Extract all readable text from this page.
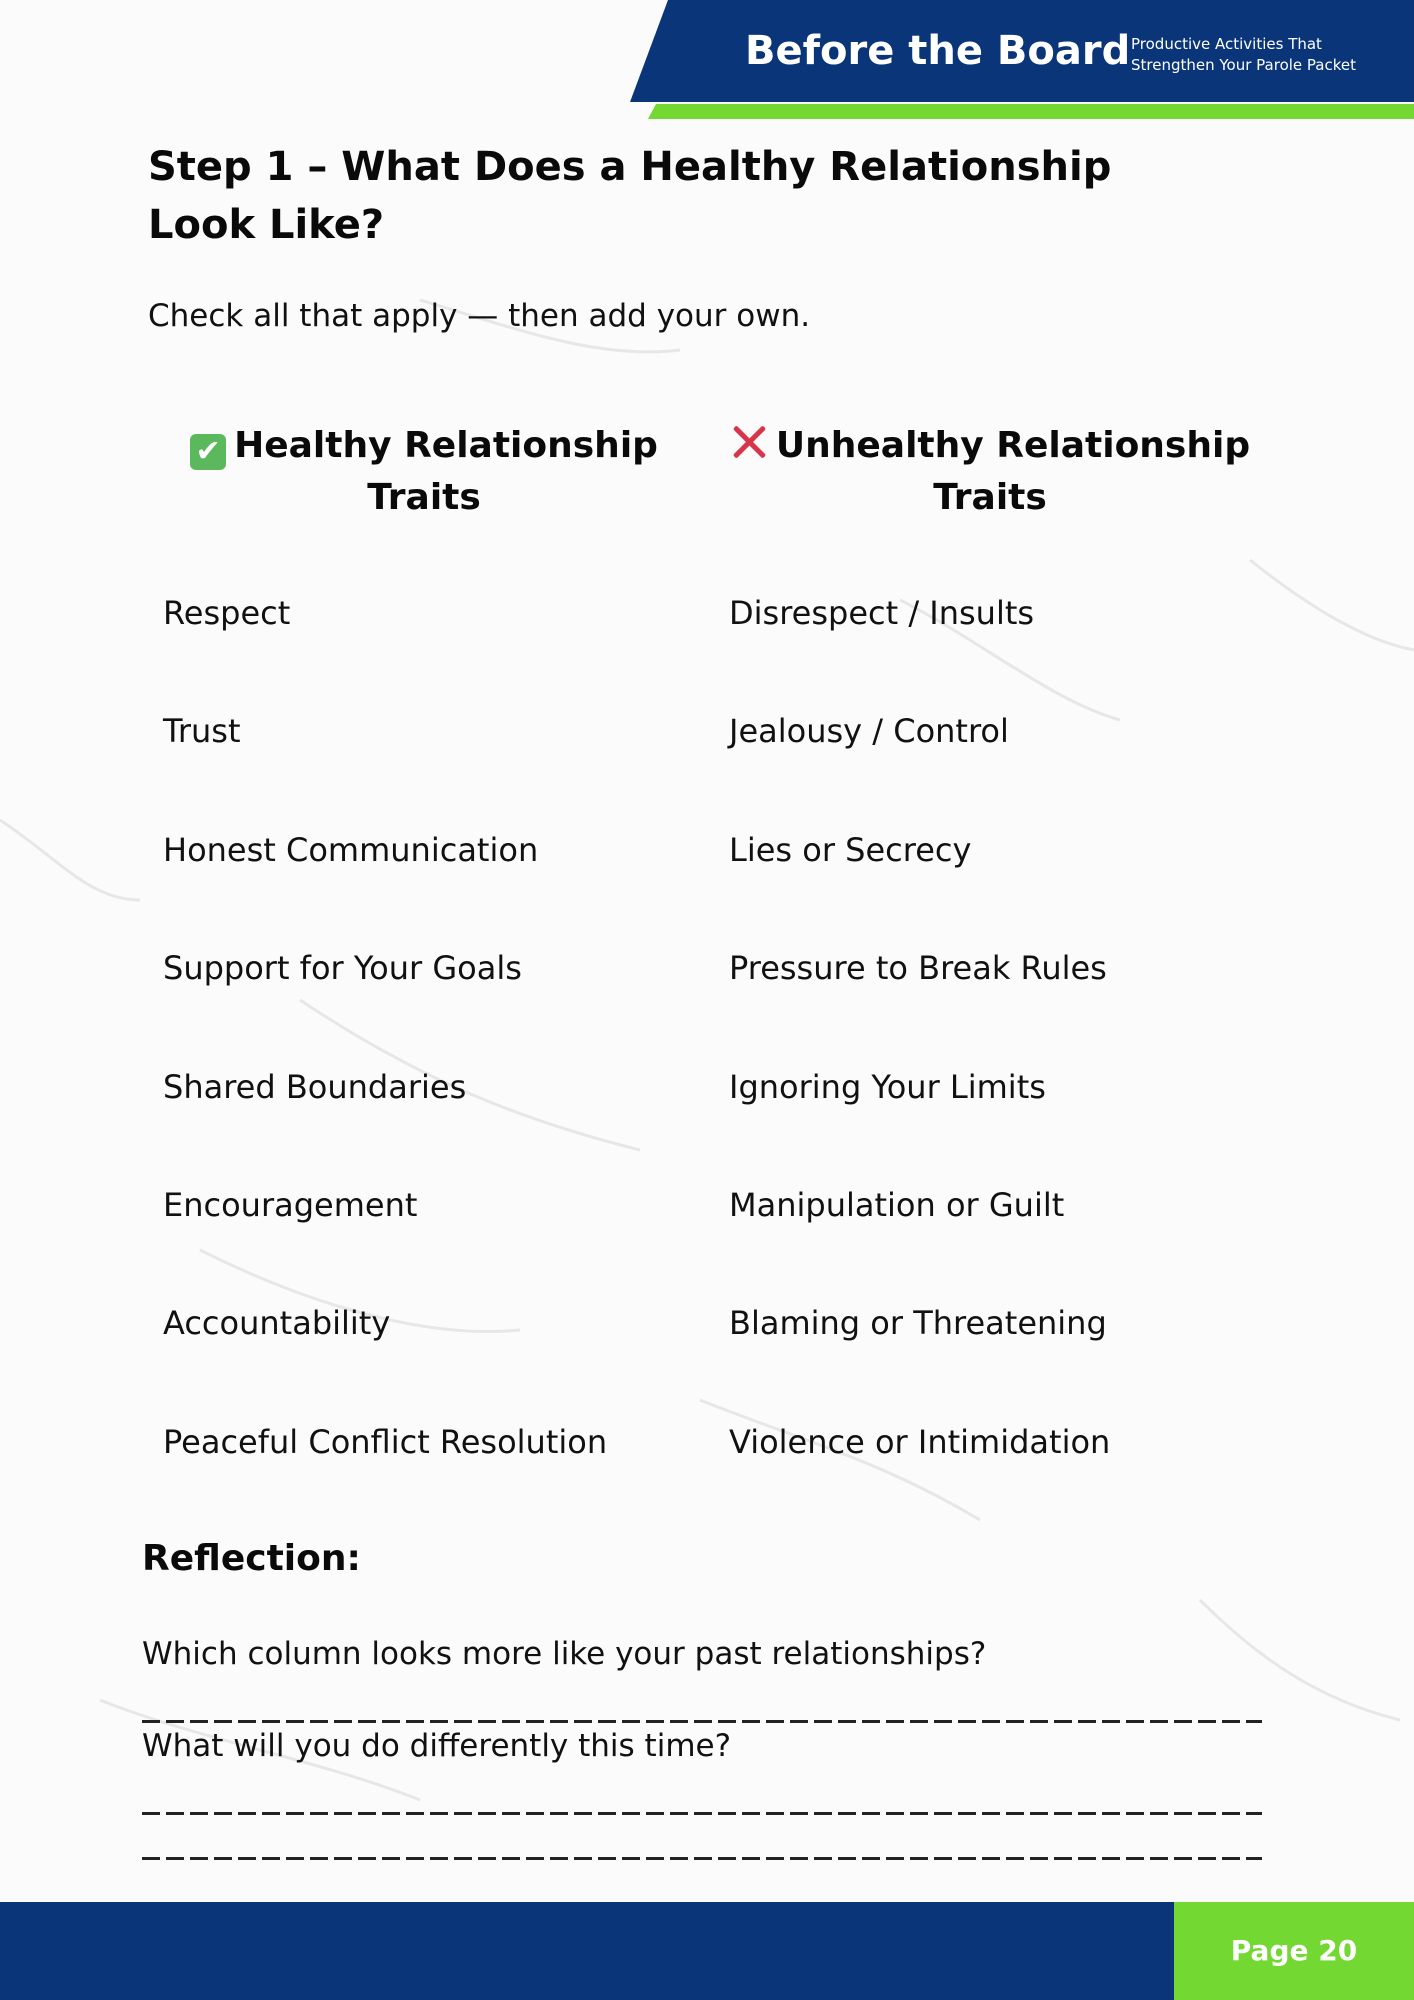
Before the Board Productive Activities That
Strengthen Your Parole Packet
Step 1 – What Does a Healthy Relationship Look Like?
Check all that apply — then add your own.
✔ Healthy Relationship Traits
Unhealthy Relationship Traits
Respect
Trust
Honest Communication
Support for Your Goals
Shared Boundaries
Encouragement
Accountability
Peaceful Conflict Resolution
Disrespect / Insults
Jealousy / Control
Lies or Secrecy
Pressure to Break Rules
Ignoring Your Limits
Manipulation or Guilt
Blaming or Threatening
Violence or Intimidation
Reflection:
Which column looks more like your past relationships?
What will you do differently this time?
Page 20
